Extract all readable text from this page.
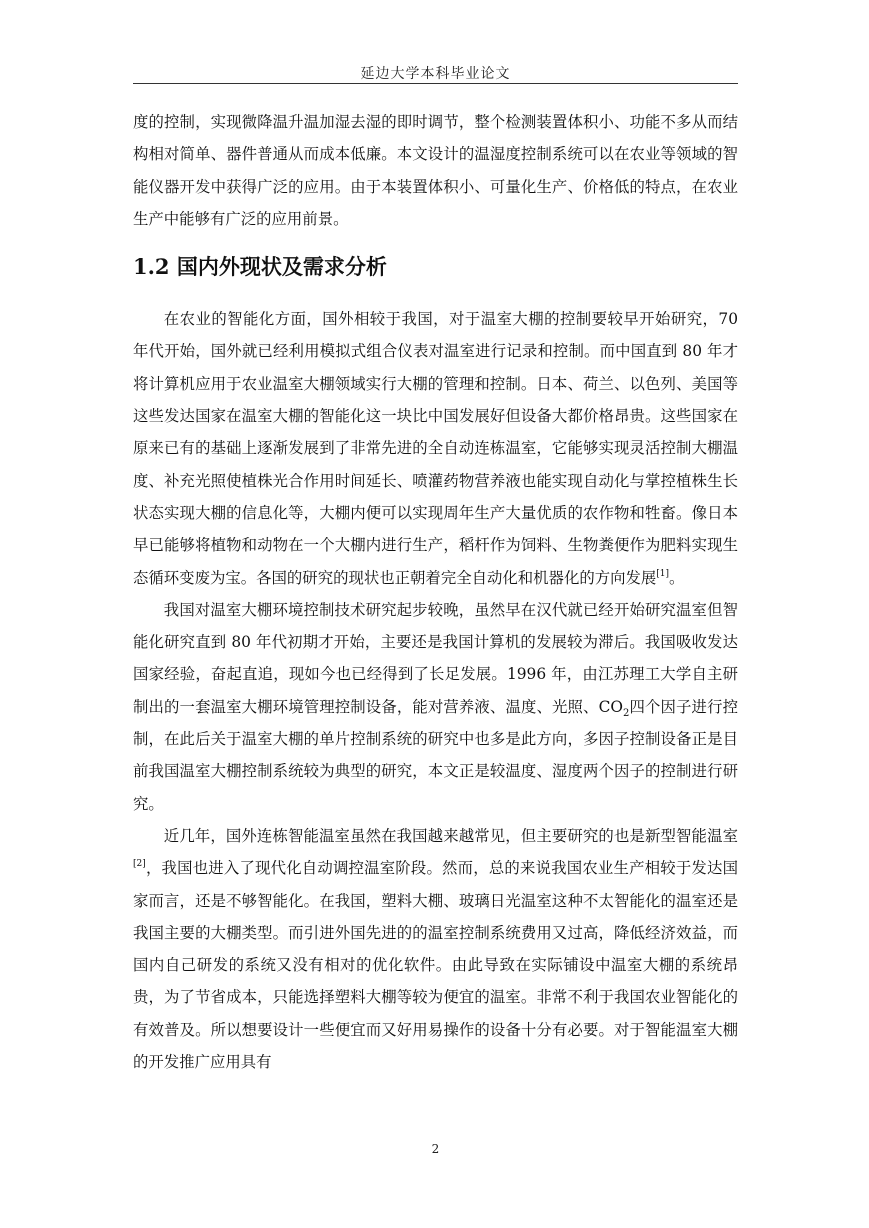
延边大学本科毕业论文

度的控制，实现微降温升温加湿去湿的即时调节，整个检测装置体积小、功能不多从而结构相对简单、器件普通从而成本低廉。本文设计的温湿度控制系统可以在农业等领域的智能仪器开发中获得广泛的应用。由于本装置体积小、可量化生产、价格低的特点，在农业生产中能够有广泛的应用前景。

1.2 国内外现状及需求分析

在农业的智能化方面，国外相较于我国，对于温室大棚的控制要较早开始研究，70 年代开始，国外就已经利用模拟式组合仪表对温室进行记录和控制。而中国直到 80 年才将计算机应用于农业温室大棚领域实行大棚的管理和控制。日本、荷兰、以色列、美国等这些发达国家在温室大棚的智能化这一块比中国发展好但设备大都价格昂贵。这些国家在原来已有的基础上逐渐发展到了非常先进的全自动连栋温室，它能够实现灵活控制大棚温度、补充光照使植株光合作用时间延长、喷灌药物营养液也能实现自动化与掌控植株生长状态实现大棚的信息化等，大棚内便可以实现周年生产大量优质的农作物和牲畜。像日本早已能够将植物和动物在一个大棚内进行生产，稻杆作为饲料、生物粪便作为肥料实现生态循环变废为宝。各国的研究的现状也正朝着完全自动化和机器化的方向发展[1]。

我国对温室大棚环境控制技术研究起步较晚，虽然早在汉代就已经开始研究温室但智能化研究直到 80 年代初期才开始，主要还是我国计算机的发展较为滞后。我国吸收发达国家经验，奋起直追，现如今也已经得到了长足发展。1996 年，由江苏理工大学自主研制出的一套温室大棚环境管理控制设备，能对营养液、温度、光照、$CO_2$四个因子进行控制，在此后关于温室大棚的单片控制系统的研究中也多是此方向，多因子控制设备正是目前我国温室大棚控制系统较为典型的研究，本文正是较温度、湿度两个因子的控制进行研究。

近几年，国外连栋智能温室虽然在我国越来越常见，但主要研究的也是新型智能温室[2]，我国也进入了现代化自动调控温室阶段。然而，总的来说我国农业生产相较于发达国家而言，还是不够智能化。在我国，塑料大棚、玻璃日光温室这种不太智能化的温室还是我国主要的大棚类型。而引进外国先进的的温室控制系统费用又过高，降低经济效益，而国内自己研发的系统又没有相对的优化软件。由此导致在实际铺设中温室大棚的系统昂贵，为了节省成本，只能选择塑料大棚等较为便宜的温室。非常不利于我国农业智能化的有效普及。所以想要设计一些便宜而又好用易操作的设备十分有必要。对于智能温室大棚的开发推广应用具有

2
